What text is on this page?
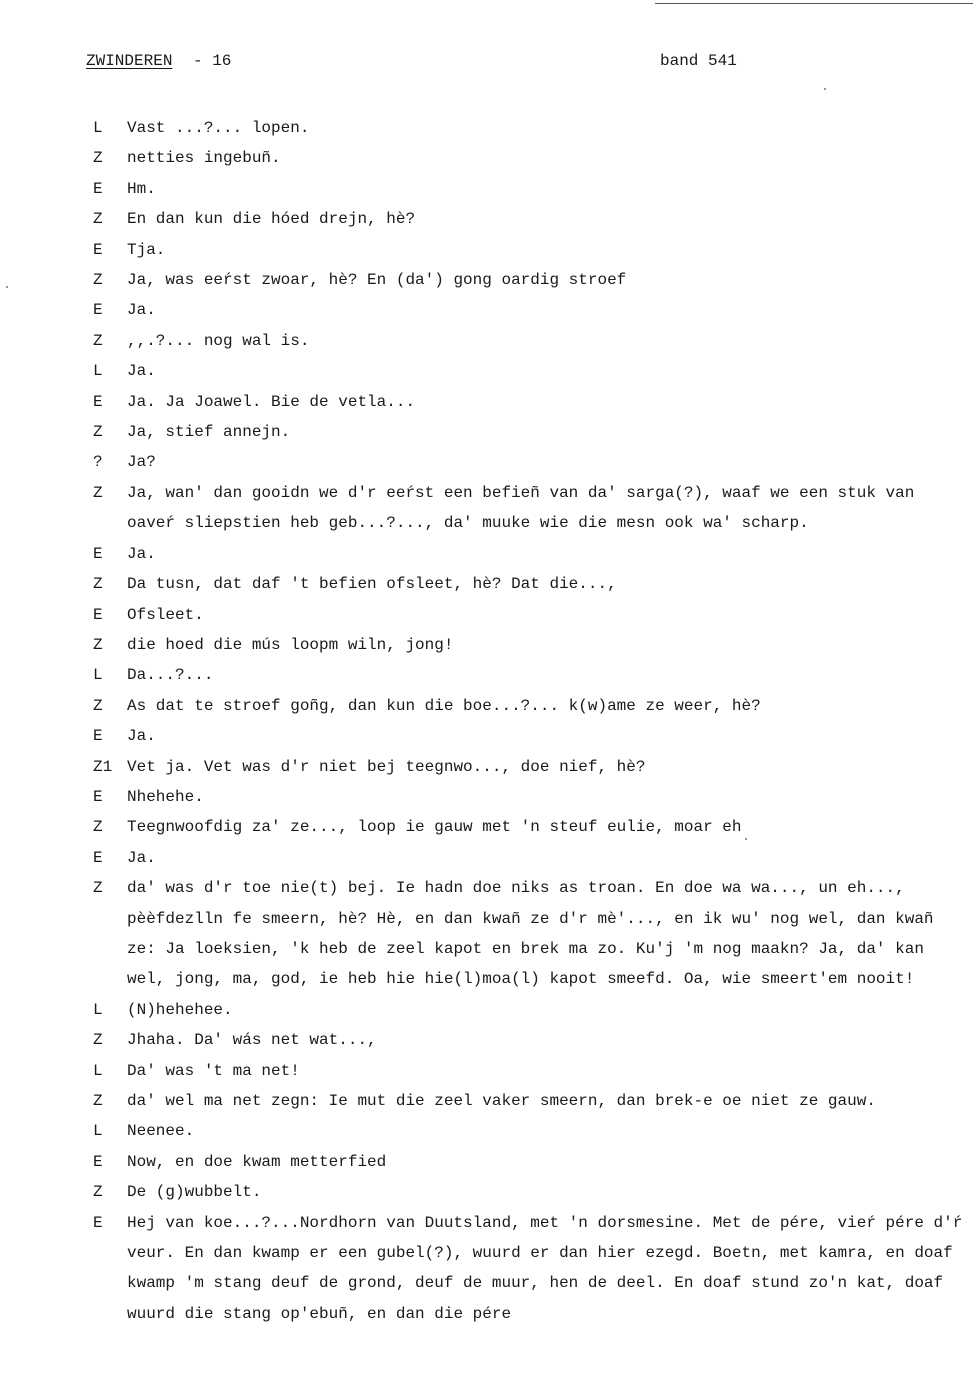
ZWINDEREN - 16	band 541
L	Vast ...?... lopen.
Z	netties ingebuñ.
E	Hm.
Z	En dan kun die hóed drejn, hè?
E	Tja.
Z	Ja, was eeŕst zwoar, hè? En (da') gong oardig stroef
E	Ja.
Z	,,.?... nog wal is.
L	Ja.
E	Ja. Ja Joawel. Bie de vetla...
Z	Ja, stief annejn.
?	Ja?
Z	Ja, wan' dan gooidn we d'r eeŕst een befieñ van da' sarga(?), waaf we een stuk van oaveŕ sliepstien heb geb...?..., da' muuke wie die mesn ook wa' scharp.
E	Ja.
Z	Da tusn, dat daf 't befien ofsleet, hè? Dat die...,
E	Ofsleet.
Z	die hoed die mús loopm wiln, jong!
L	Da...?...
Z	As dat te stroef goñg, dan kun die boe...?... k(w)ame ze weer, hè?
E	Ja.
Z1 Vet ja. Vet was d'r niet bej teegnwo..., doe nief, hè?
E	Nhehehe.
Z	Teegnwoofdig za' ze..., loop ie gauw met 'n steuf eulie, moar eh
E	Ja.
Z	da' was d'r toe nie(t) bej. Ie hadn doe niks as troan. En doe wa wa..., un eh..., pèèfdezlln fe smeern, hè? Hè, en dan kwañ ze d'r mè'..., en ik wu' nog wel, dan kwañ ze: Ja loeksien, 'k heb de zeel kapot en brek ma zo. Ku'j 'm nog maakn? Ja, da' kan wel, jong, ma, god, ie heb hie hie(l)moa(l) kapot smeefd. Oa, wie smeert'em nooit!
L	(N)hehehee.
Z	Jhaha. Da' wás net wat...,
L	Da' was 't ma net!
Z	da' wel ma net zegn: Ie mut die zeel vaker smeern, dan brek-e oe niet ze gauw.
L	Neenee.
E	Now, en doe kwam metterfied
Z	De (g)wubbelt.
E	Hej van koe...?...Nordhorn van Duutsland, met 'n dorsmesine. Met de pére, vieŕ pére d'ŕ veur. En dan kwamp er een gubel(?), wuurd er dan hier ezegd. Boetn, met kamra, en doaf kwamp 'm stang deuf de grond, deuf de muur, hen de deel. En doaf stund zo'n kat, doaf wuurd die stang op'ebuñ, en dan die pére
